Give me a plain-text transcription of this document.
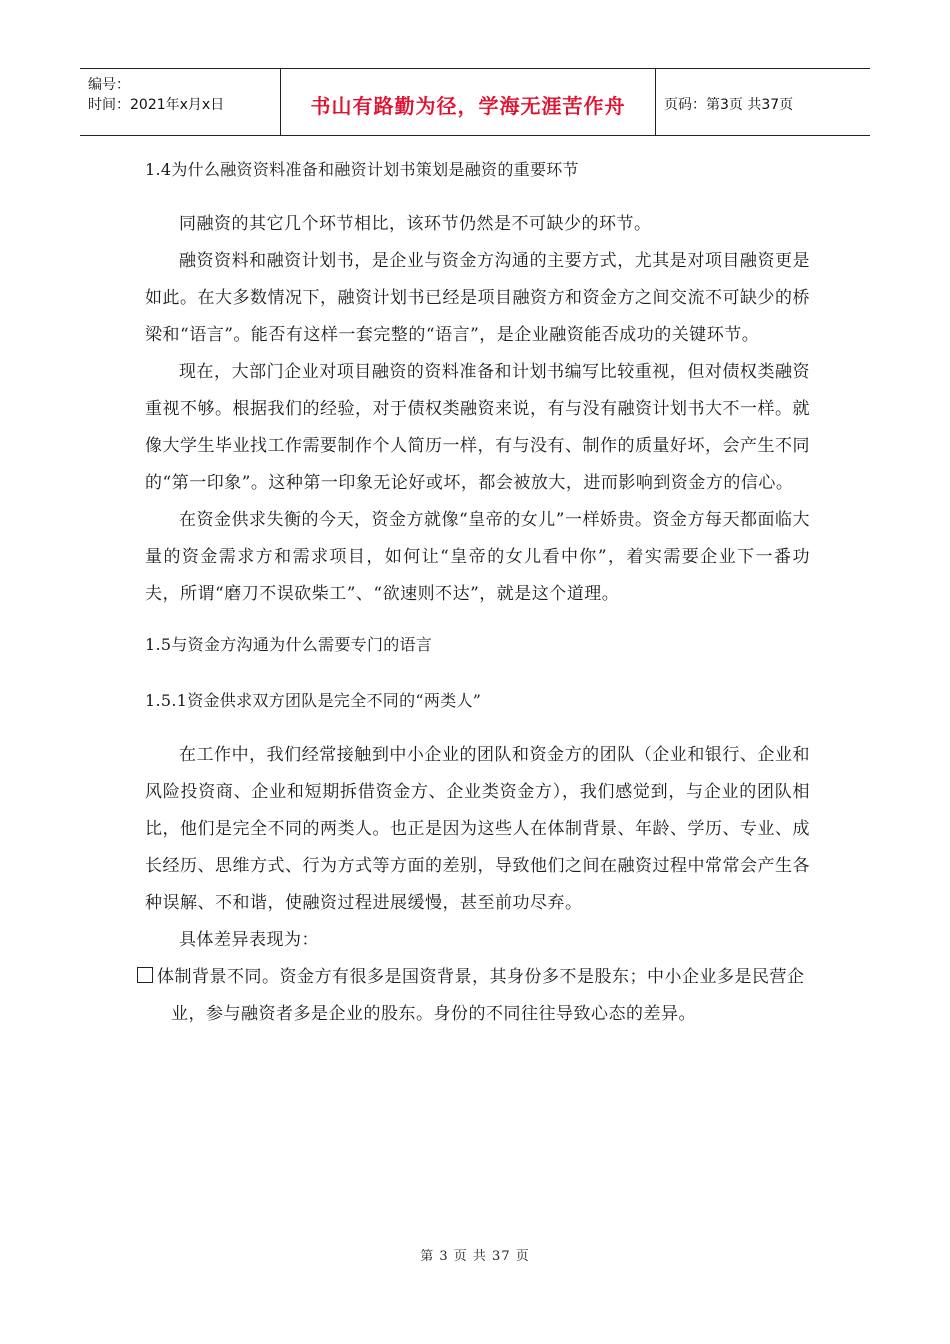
编号：
时间：2021年x月x日	书山有路勤为径，学海无涯苦作舟	页码：第3页 共37页

1.4为什么融资资料准备和融资计划书策划是融资的重要环节

同融资的其它几个环节相比，该环节仍然是不可缺少的环节。

融资资料和融资计划书，是企业与资金方沟通的主要方式，尤其是对项目融资更是如此。在大多数情况下，融资计划书已经是项目融资方和资金方之间交流不可缺少的桥梁和“语言”。能否有这样一套完整的“语言”，是企业融资能否成功的关键环节。

现在，大部门企业对项目融资的资料准备和计划书编写比较重视，但对债权类融资重视不够。根据我们的经验，对于债权类融资来说，有与没有融资计划书大不一样。就像大学生毕业找工作需要制作个人简历一样，有与没有、制作的质量好坏，会产生不同的“第一印象”。这种第一印象无论好或坏，都会被放大，进而影响到资金方的信心。

在资金供求失衡的今天，资金方就像“皇帝的女儿”一样娇贵。资金方每天都面临大量的资金需求方和需求项目，如何让“皇帝的女儿看中你”，着实需要企业下一番功夫，所谓“磨刀不误砍柴工”、“欲速则不达”，就是这个道理。

1.5与资金方沟通为什么需要专门的语言

1.5.1资金供求双方团队是完全不同的“两类人”

在工作中，我们经常接触到中小企业的团队和资金方的团队（企业和银行、企业和风险投资商、企业和短期拆借资金方、企业类资金方），我们感觉到，与企业的团队相比，他们是完全不同的两类人。也正是因为这些人在体制背景、年龄、学历、专业、成长经历、思维方式、行为方式等方面的差别，导致他们之间在融资过程中常常会产生各种误解、不和谐，使融资过程进展缓慢，甚至前功尽弃。

具体差异表现为：

体制背景不同。资金方有很多是国资背景，其身份多不是股东；中小企业多是民营企业，参与融资者多是企业的股东。身份的不同往往导致心态的差异。

第 3 页 共 37 页
